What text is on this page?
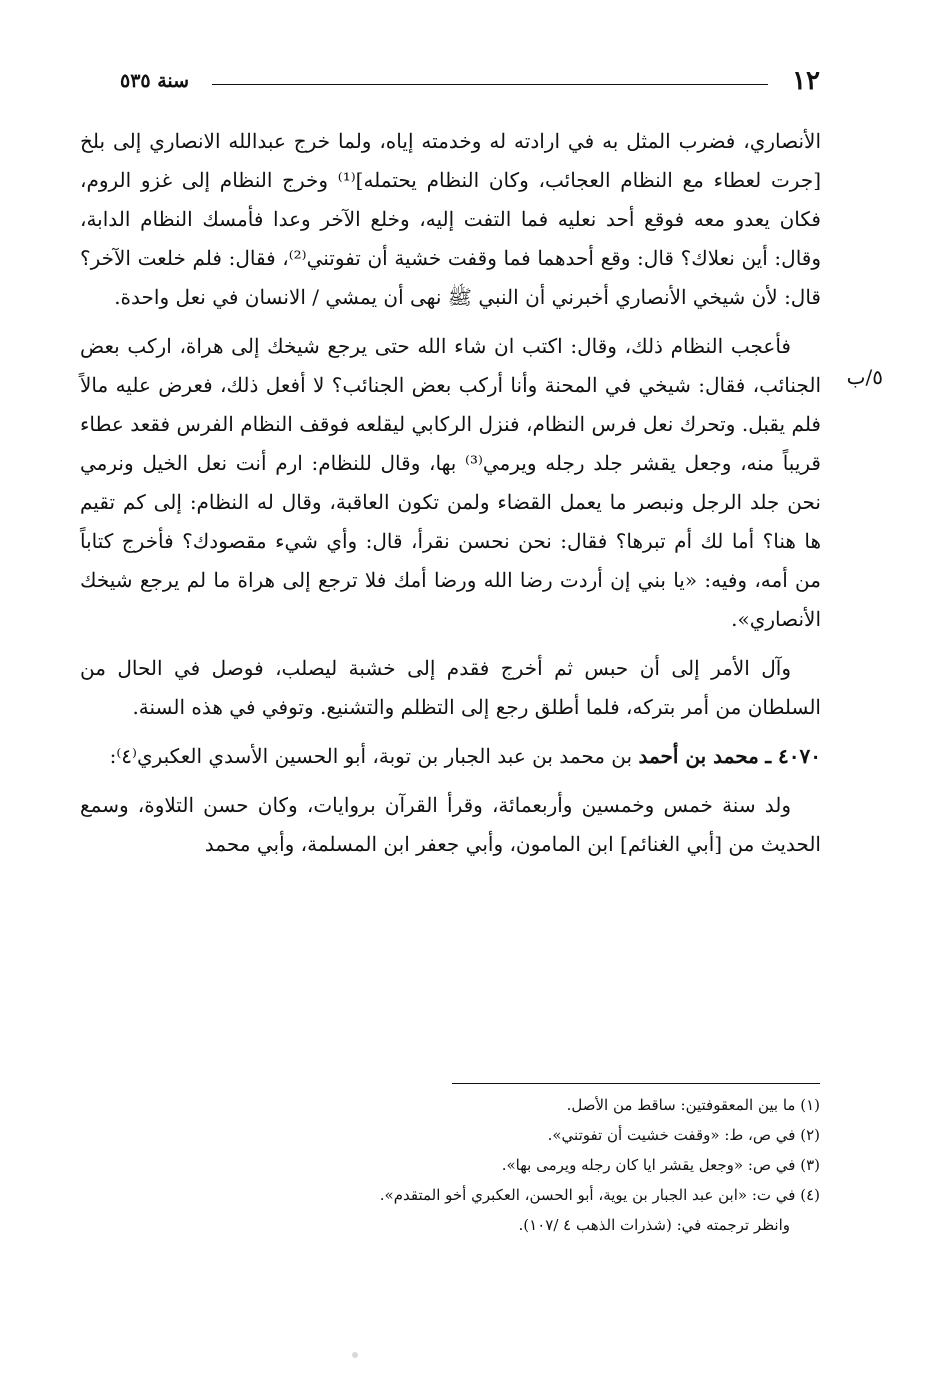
١٢
سنة ٥٣٥
٥/ب

الأنصاري، فضرب المثل به في ارادته له وخدمته إياه، ولما خرج عبدالله الانصاري إلى بلخ [جرت لعطاء مع النظام العجائب، وكان النظام يحتمله]⁽¹⁾ وخرج النظام إلى غزو الروم، فكان يعدو معه فوقع أحد نعليه فما التفت إليه، وخلع الآخر وعدا فأمسك النظام الدابة، وقال: أين نعلاك؟ قال: وقع أحدهما فما وقفت خشية أن تفوتني⁽²⁾، فقال: فلم خلعت الآخر؟ قال: لأن شيخي الأنصاري أخبرني أن النبي ﷺ نهى أن يمشي / الانسان في نعل واحدة.

فأعجب النظام ذلك، وقال: اكتب ان شاء الله حتى يرجع شيخك إلى هراة، اركب بعض الجنائب، فقال: شيخي في المحنة وأنا أركب بعض الجنائب؟ لا أفعل ذلك، فعرض عليه مالاً فلم يقبل. وتحرك نعل فرس النظام، فنزل الركابي ليقلعه فوقف النظام الفرس فقعد عطاء قريباً منه، وجعل يقشر جلد رجله ويرمي⁽³⁾ بها، وقال للنظام: ارم أنت نعل الخيل ونرمي نحن جلد الرجل ونبصر ما يعمل القضاء ولمن تكون العاقبة، وقال له النظام: إلى كم تقيم ها هنا؟ أما لك أم تبرها؟ فقال: نحن نحسن نقرأ، قال: وأي شيء مقصودك؟ فأخرج كتاباً من أمه، وفيه: «يا بني إن أردت رضا الله ورضا أمك فلا ترجع إلى هراة ما لم يرجع شيخك الأنصاري».

وآل الأمر إلى أن حبس ثم أخرج فقدم إلى خشبة ليصلب، فوصل في الحال من السلطان من أمر بتركه، فلما أطلق رجع إلى التظلم والتشنيع. وتوفي في هذه السنة.

٤٠٧٠ ـ محمد بن أحمد بن محمد بن عبد الجبار بن توبة، أبو الحسين الأسدي العكبري⁽٤⁾:

ولد سنة خمس وخمسين وأربعمائة، وقرأ القرآن بروايات، وكان حسن التلاوة، وسمع الحديث من [أبي الغنائم] ابن المامون، وأبي جعفر ابن المسلمة، وأبي محمد

(١) ما بين المعقوفتين: ساقط من الأصل.

(٢) في ص، ط: «وقفت خشيت أن تفوتني».

(٣) في ص: «وجعل يقشر ايا كان رجله ويرمى بها».

(٤) في ت: «ابن عبد الجبار بن يوية، أبو الحسن، العكبري أخو المتقدم».

وانظر ترجمته في: (شذرات الذهب ٤ /١٠٧).
